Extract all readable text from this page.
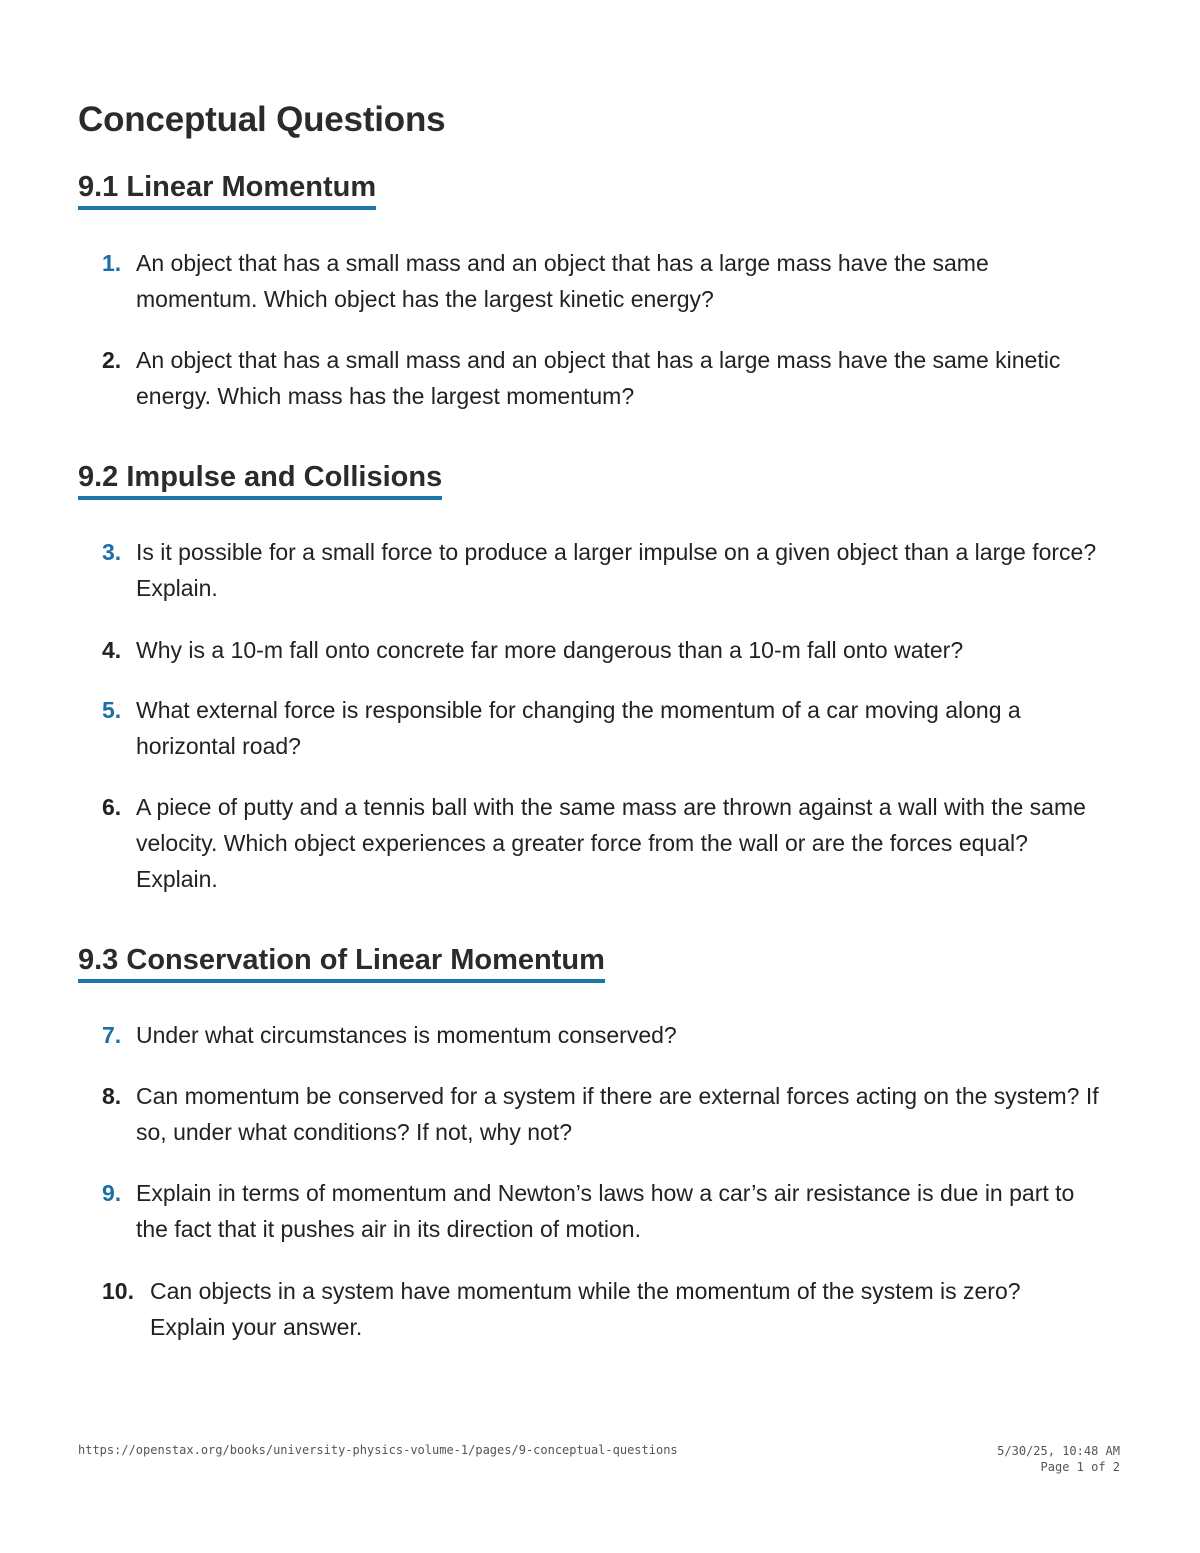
Conceptual Questions
9.1 Linear Momentum
1. An object that has a small mass and an object that has a large mass have the same momentum. Which object has the largest kinetic energy?
2. An object that has a small mass and an object that has a large mass have the same kinetic energy. Which mass has the largest momentum?
9.2 Impulse and Collisions
3. Is it possible for a small force to produce a larger impulse on a given object than a large force? Explain.
4. Why is a 10-m fall onto concrete far more dangerous than a 10-m fall onto water?
5. What external force is responsible for changing the momentum of a car moving along a horizontal road?
6. A piece of putty and a tennis ball with the same mass are thrown against a wall with the same velocity. Which object experiences a greater force from the wall or are the forces equal? Explain.
9.3 Conservation of Linear Momentum
7. Under what circumstances is momentum conserved?
8. Can momentum be conserved for a system if there are external forces acting on the system? If so, under what conditions? If not, why not?
9. Explain in terms of momentum and Newton’s laws how a car’s air resistance is due in part to the fact that it pushes air in its direction of motion.
10. Can objects in a system have momentum while the momentum of the system is zero? Explain your answer.
https://openstax.org/books/university-physics-volume-1/pages/9-conceptual-questions	5/30/25, 10:48 AM
Page 1 of 2
